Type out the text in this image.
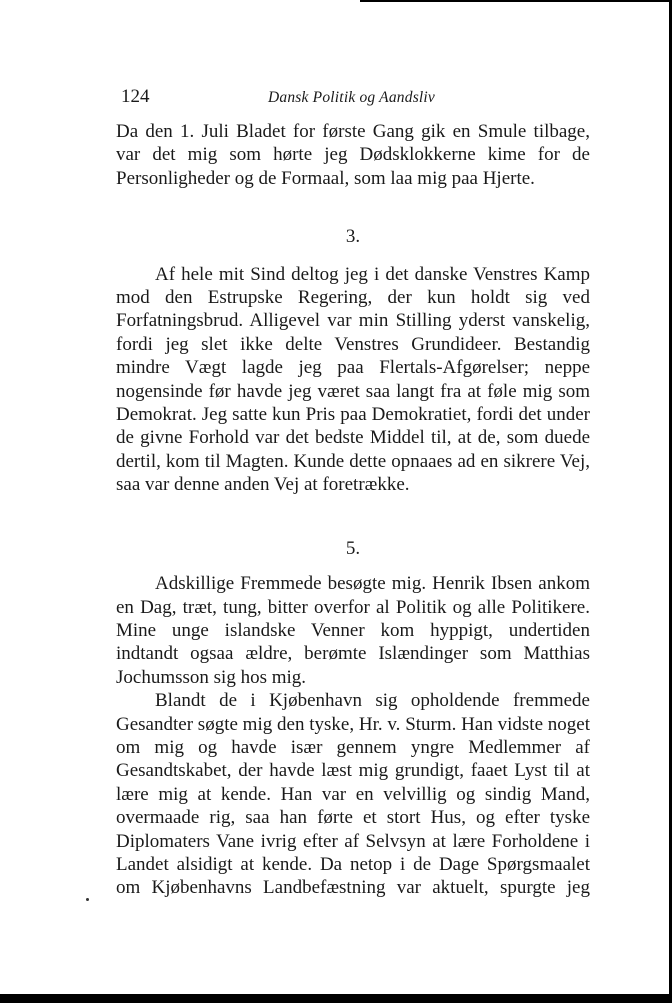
124	Dansk Politik og Aandsliv

Da den 1. Juli Bladet for første Gang gik en Smule tilbage, var det mig som hørte jeg Dødsklokkerne kime for de Personligheder og de Formaal, som laa mig paa Hjerte.

3.

Af hele mit Sind deltog jeg i det danske Venstres Kamp mod den Estrupske Regering, der kun holdt sig ved Forfatningsbrud. Alligevel var min Stilling yderst vanskelig, fordi jeg slet ikke delte Venstres Grundideer. Bestandig mindre Vægt lagde jeg paa Flertals-Afgørelser; neppe nogensinde før havde jeg været saa langt fra at føle mig som Demokrat. Jeg satte kun Pris paa Demokratiet, fordi det under de givne Forhold var det bedste Middel til, at de, som duede dertil, kom til Magten. Kunde dette opnaaes ad en sikrere Vej, saa var denne anden Vej at foretrække.

5.

Adskillige Fremmede besøgte mig. Henrik Ibsen ankom en Dag, træt, tung, bitter overfor al Politik og alle Politikere. Mine unge islandske Venner kom hyppigt, undertiden indtandt ogsaa ældre, berømte Islændinger som Matthias Jochumsson sig hos mig.

Blandt de i Kjøbenhavn sig opholdende fremmede Gesandter søgte mig den tyske, Hr. v. Sturm. Han vidste noget om mig og havde især gennem yngre Medlemmer af Gesandtskabet, der havde læst mig grundigt, faaet Lyst til at lære mig at kende. Han var en velvillig og sindig Mand, overmaade rig, saa han førte et stort Hus, og efter tyske Diplomaters Vane ivrig efter af Selvsyn at lære Forholdene i Landet alsidigt at kende. Da netop i de Dage Spørgsmaalet om Kjøbenhavns Landbefæstning var aktuelt, spurgte jeg
